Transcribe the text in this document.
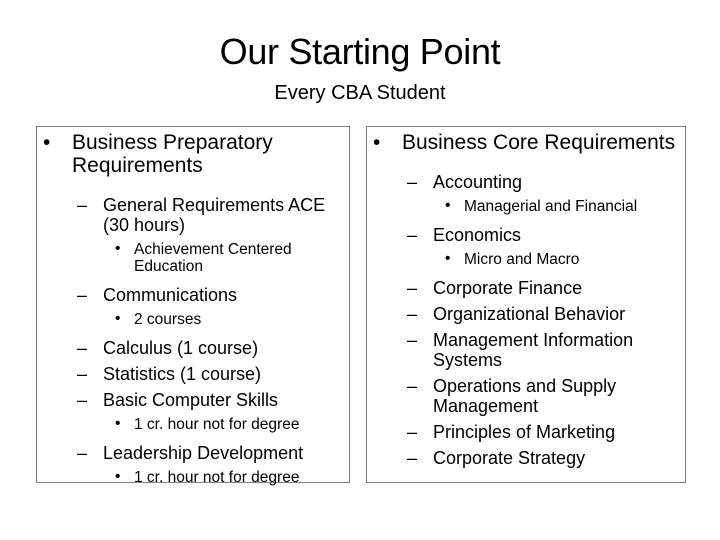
Our Starting Point
Every CBA Student
• Business Preparatory Requirements
– General Requirements ACE (30 hours)
• Achievement Centered Education
– Communications
• 2 courses
– Calculus (1 course)
– Statistics (1 course)
– Basic Computer Skills
• 1 cr. hour not for degree
– Leadership Development
• 1 cr. hour not for degree
• Business Core Requirements
– Accounting
• Managerial and Financial
– Economics
• Micro and Macro
– Corporate Finance
– Organizational Behavior
– Management Information Systems
– Operations and Supply Management
– Principles of Marketing
– Corporate Strategy
